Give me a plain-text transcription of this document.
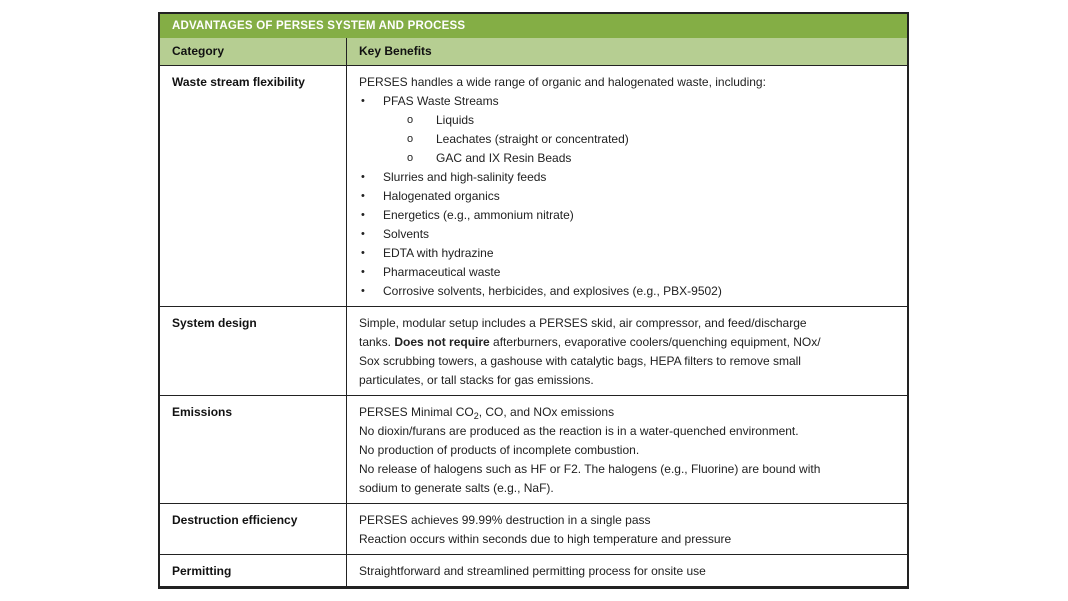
ADVANTAGES OF PERSES SYSTEM AND PROCESS
Category	Key Benefits
Waste stream flexibility	PERSES handles a wide range of organic and halogenated waste, including:
• PFAS Waste Streams
o Liquids
o Leachates (straight or concentrated)
o GAC and IX Resin Beads
• Slurries and high-salinity feeds
• Halogenated organics
• Energetics (e.g., ammonium nitrate)
• Solvents
• EDTA with hydrazine
• Pharmaceutical waste
• Corrosive solvents, herbicides, and explosives (e.g., PBX-9502)
System design	Simple, modular setup includes a PERSES skid, air compressor, and feed/discharge
tanks. Does not require afterburners, evaporative coolers/quenching equipment, NOx/
Sox scrubbing towers, a gashouse with catalytic bags, HEPA filters to remove small
particulates, or tall stacks for gas emissions.
Emissions	PERSES Minimal $CO_2$, CO, and NOx emissions
No dioxin/furans are produced as the reaction is in a water-quenched environment.
No production of products of incomplete combustion.
No release of halogens such as HF or F2. The halogens (e.g., Fluorine) are bound with
sodium to generate salts (e.g., NaF).
Destruction efficiency	PERSES achieves 99.99% destruction in a single pass
Reaction occurs within seconds due to high temperature and pressure
Permitting	Straightforward and streamlined permitting process for onsite use
